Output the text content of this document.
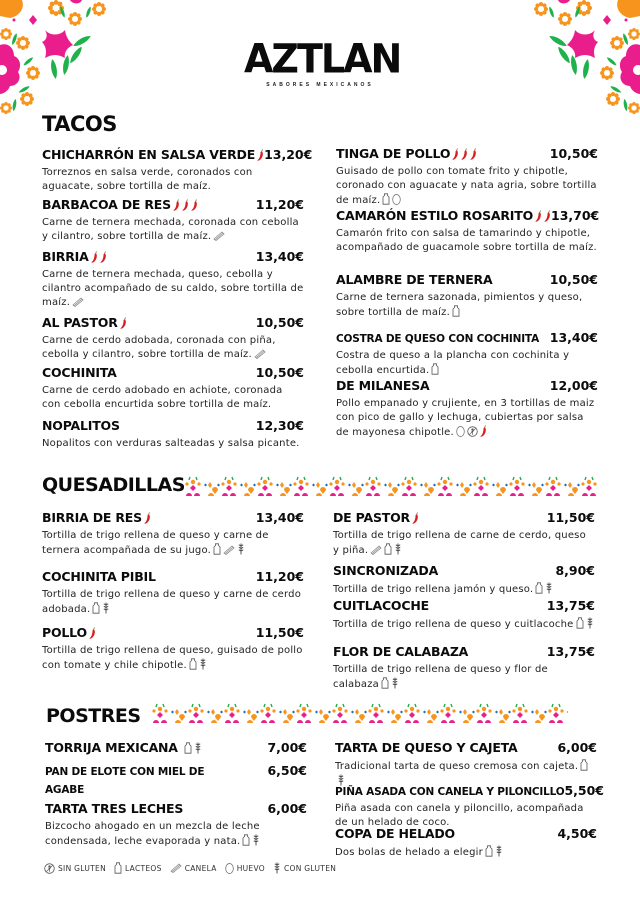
AZTLAN
SABORES MEXICANOS
TACOS
QUESADILLAS
POSTRES
CHICHARRÓN EN SALSA VERDE 13,20€
Torreznos en salsa verde, coronados con aguacate, sobre tortilla de maíz.
BARBACOA DE RES	11,20€
Carne de ternera mechada, coronada con cebolla y cilantro, sobre tortilla de maíz.
BIRRIA	13,40€
Carne de ternera mechada, queso, cebolla y cilantro acompañado de su caldo, sobre tortilla de maíz.
AL PASTOR	10,50€
Carne de cerdo adobada, coronada con piña, cebolla y cilantro, sobre tortilla de maíz.
COCHINITA	10,50€
Carne de cerdo adobado en achiote, coronada con cebolla encurtida sobre tortilla de maíz.
NOPALITOS	12,30€
Nopalitos con verduras salteadas y salsa picante.
TINGA DE POLLO	10,50€
Guisado de pollo con tomate frito y chipotle, coronado con aguacate y nata agria, sobre tortilla de maíz.
CAMARÓN ESTILO ROSARITO	13,70€
Camarón frito con salsa de tamarindo y chipotle, acompañado de guacamole sobre tortilla de maíz.
ALAMBRE DE TERNERA	10,50€
Carne de ternera sazonada, pimientos y queso, sobre tortilla de maíz.
COSTRA DE QUESO CON COCHINITA 13,40€
Costra de queso a la plancha con cochinita y cebolla encurtida.
DE MILANESA	12,00€
Pollo empanado y crujiente, en 3 tortillas de maiz con pico de gallo y lechuga, cubiertas por salsa de mayonesa chipotle.
BIRRIA DE RES	13,40€
Tortilla de trigo rellena de queso y carne de ternera acompañada de su jugo.
COCHINITA PIBIL	11,20€
Tortilla de trigo rellena de queso y carne de cerdo adobada.
POLLO	11,50€
Tortilla de trigo rellena de queso, guisado de pollo con tomate y chile chipotle.
DE PASTOR	11,50€
Tortilla de trigo rellena de carne de cerdo, queso y piña.
SINCRONIZADA	8,90€
Tortilla de trigo rellena jamón y queso.
CUITLACOCHE	13,75€
Tortilla de trigo rellena de queso y cuitlacoche
FLOR DE CALABAZA	13,75€
Tortilla de trigo rellena de queso y flor de calabaza
TORRIJA MEXICANA	7,00€
PAN DE ELOTE CON MIEL DE AGABE
6,50€
TARTA TRES LECHES	6,00€
Bizcocho ahogado en un mezcla de leche condensada, leche evaporada y nata.
TARTA DE QUESO Y CAJETA	6,00€
Tradicional tarta de queso cremosa con cajeta.
PIÑA ASADA CON CANELA Y PILONCILLO 5,50€
Piña asada con canela y piloncillo, acompañada de un helado de coco.
COPA DE HELADO	4,50€
Dos bolas de helado a elegir
SIN GLUTEN	LACTEOS	CANELA	HUEVO	CON GLUTEN
